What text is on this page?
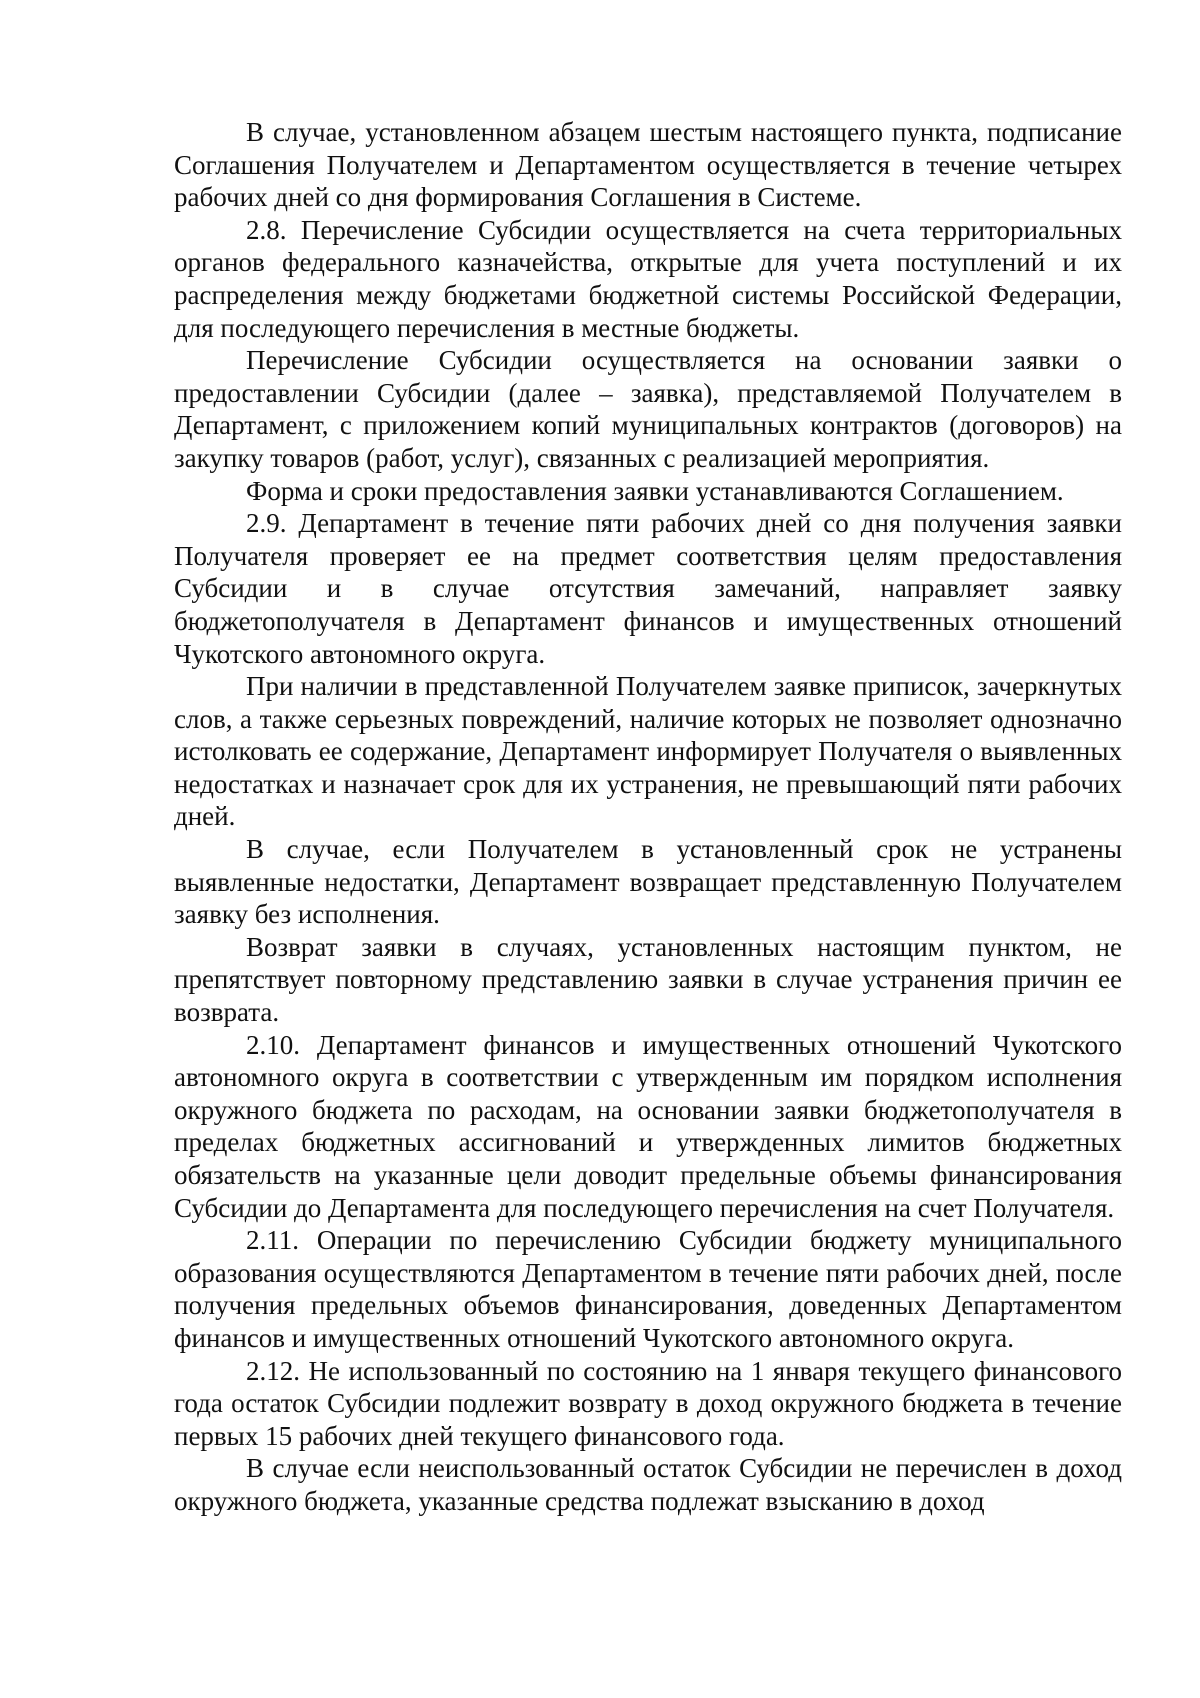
В случае, установленном абзацем шестым настоящего пункта, подписание Соглашения Получателем и Департаментом осуществляется в течение четырех рабочих дней со дня формирования Соглашения в Системе.

2.8. Перечисление Субсидии осуществляется на счета территориальных органов федерального казначейства, открытые для учета поступлений и их распределения между бюджетами бюджетной системы Российской Федерации, для последующего перечисления в местные бюджеты.

Перечисление Субсидии осуществляется на основании заявки о предоставлении Субсидии (далее – заявка), представляемой Получателем в Департамент, с приложением копий муниципальных контрактов (договоров) на закупку товаров (работ, услуг), связанных с реализацией мероприятия.

Форма и сроки предоставления заявки устанавливаются Соглашением.

2.9. Департамент в течение пяти рабочих дней со дня получения заявки Получателя проверяет ее на предмет соответствия целям предоставления Субсидии и в случае отсутствия замечаний, направляет заявку бюджетополучателя в Департамент финансов и имущественных отношений Чукотского автономного округа.

При наличии в представленной Получателем заявке приписок, зачеркнутых слов, а также серьезных повреждений, наличие которых не позволяет однозначно истолковать ее содержание, Департамент информирует Получателя о выявленных недостатках и назначает срок для их устранения, не превышающий пяти рабочих дней.

В случае, если Получателем в установленный срок не устранены выявленные недостатки, Департамент возвращает представленную Получателем заявку без исполнения.

Возврат заявки в случаях, установленных настоящим пунктом, не препятствует повторному представлению заявки в случае устранения причин ее возврата.

2.10. Департамент финансов и имущественных отношений Чукотского автономного округа в соответствии с утвержденным им порядком исполнения окружного бюджета по расходам, на основании заявки бюджетополучателя в пределах бюджетных ассигнований и утвержденных лимитов бюджетных обязательств на указанные цели доводит предельные объемы финансирования Субсидии до Департамента для последующего перечисления на счет Получателя.

2.11. Операции по перечислению Субсидии бюджету муниципального образования осуществляются Департаментом в течение пяти рабочих дней, после получения предельных объемов финансирования, доведенных Департаментом финансов и имущественных отношений Чукотского автономного округа.

2.12. Не использованный по состоянию на 1 января текущего финансового года остаток Субсидии подлежит возврату в доход окружного бюджета в течение первых 15 рабочих дней текущего финансового года.

В случае если неиспользованный остаток Субсидии не перечислен в доход окружного бюджета, указанные средства подлежат взысканию в доход
